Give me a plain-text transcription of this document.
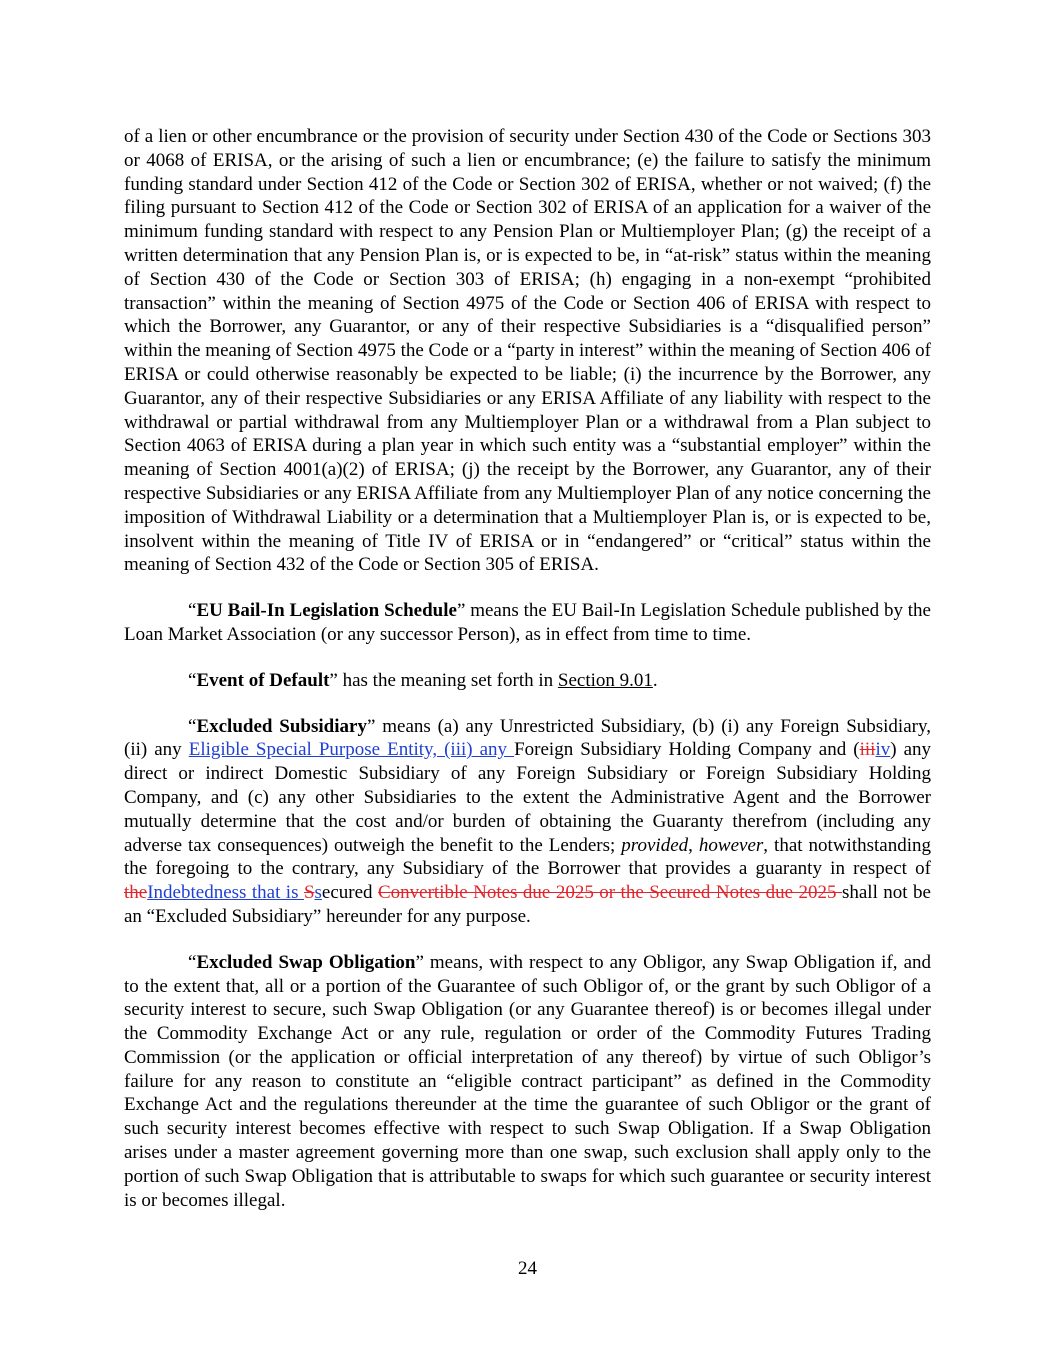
of a lien or other encumbrance or the provision of security under Section 430 of the Code or Sections 303 or 4068 of ERISA, or the arising of such a lien or encumbrance; (e) the failure to satisfy the minimum funding standard under Section 412 of the Code or Section 302 of ERISA, whether or not waived; (f) the filing pursuant to Section 412 of the Code or Section 302 of ERISA of an application for a waiver of the minimum funding standard with respect to any Pension Plan or Multiemployer Plan; (g) the receipt of a written determination that any Pension Plan is, or is expected to be, in “at-risk” status within the meaning of Section 430 of the Code or Section 303 of ERISA; (h) engaging in a non-exempt “prohibited transaction” within the meaning of Section 4975 of the Code or Section 406 of ERISA with respect to which the Borrower, any Guarantor, or any of their respective Subsidiaries is a “disqualified person” within the meaning of Section 4975 the Code or a “party in interest” within the meaning of Section 406 of ERISA or could otherwise reasonably be expected to be liable; (i) the incurrence by the Borrower, any Guarantor, any of their respective Subsidiaries or any ERISA Affiliate of any liability with respect to the withdrawal or partial withdrawal from any Multiemployer Plan or a withdrawal from a Plan subject to Section 4063 of ERISA during a plan year in which such entity was a “substantial employer” within the meaning of Section 4001(a)(2) of ERISA; (j) the receipt by the Borrower, any Guarantor, any of their respective Subsidiaries or any ERISA Affiliate from any Multiemployer Plan of any notice concerning the imposition of Withdrawal Liability or a determination that a Multiemployer Plan is, or is expected to be, insolvent within the meaning of Title IV of ERISA or in “endangered” or “critical” status within the meaning of Section 432 of the Code or Section 305 of ERISA.

“EU Bail-In Legislation Schedule” means the EU Bail-In Legislation Schedule published by the Loan Market Association (or any successor Person), as in effect from time to time.

“Event of Default” has the meaning set forth in Section 9.01.

“Excluded Subsidiary” means (a) any Unrestricted Subsidiary, (b) (i) any Foreign Subsidiary, (ii) any Eligible Special Purpose Entity, (iii) any Foreign Subsidiary Holding Company and (iiiiv) any direct or indirect Domestic Subsidiary of any Foreign Subsidiary or Foreign Subsidiary Holding Company, and (c) any other Subsidiaries to the extent the Administrative Agent and the Borrower mutually determine that the cost and/or burden of obtaining the Guaranty therefrom (including any adverse tax consequences) outweigh the benefit to the Lenders; provided, however, that notwithstanding the foregoing to the contrary, any Subsidiary of the Borrower that provides a guaranty in respect of theIndebtedness that is Ssecured Convertible Notes due 2025 or the Secured Notes due 2025 shall not be an “Excluded Subsidiary” hereunder for any purpose.

“Excluded Swap Obligation” means, with respect to any Obligor, any Swap Obligation if, and to the extent that, all or a portion of the Guarantee of such Obligor of, or the grant by such Obligor of a security interest to secure, such Swap Obligation (or any Guarantee thereof) is or becomes illegal under the Commodity Exchange Act or any rule, regulation or order of the Commodity Futures Trading Commission (or the application or official interpretation of any thereof) by virtue of such Obligor’s failure for any reason to constitute an “eligible contract participant” as defined in the Commodity Exchange Act and the regulations thereunder at the time the guarantee of such Obligor or the grant of such security interest becomes effective with respect to such Swap Obligation. If a Swap Obligation arises under a master agreement governing more than one swap, such exclusion shall apply only to the portion of such Swap Obligation that is attributable to swaps for which such guarantee or security interest is or becomes illegal.

24
